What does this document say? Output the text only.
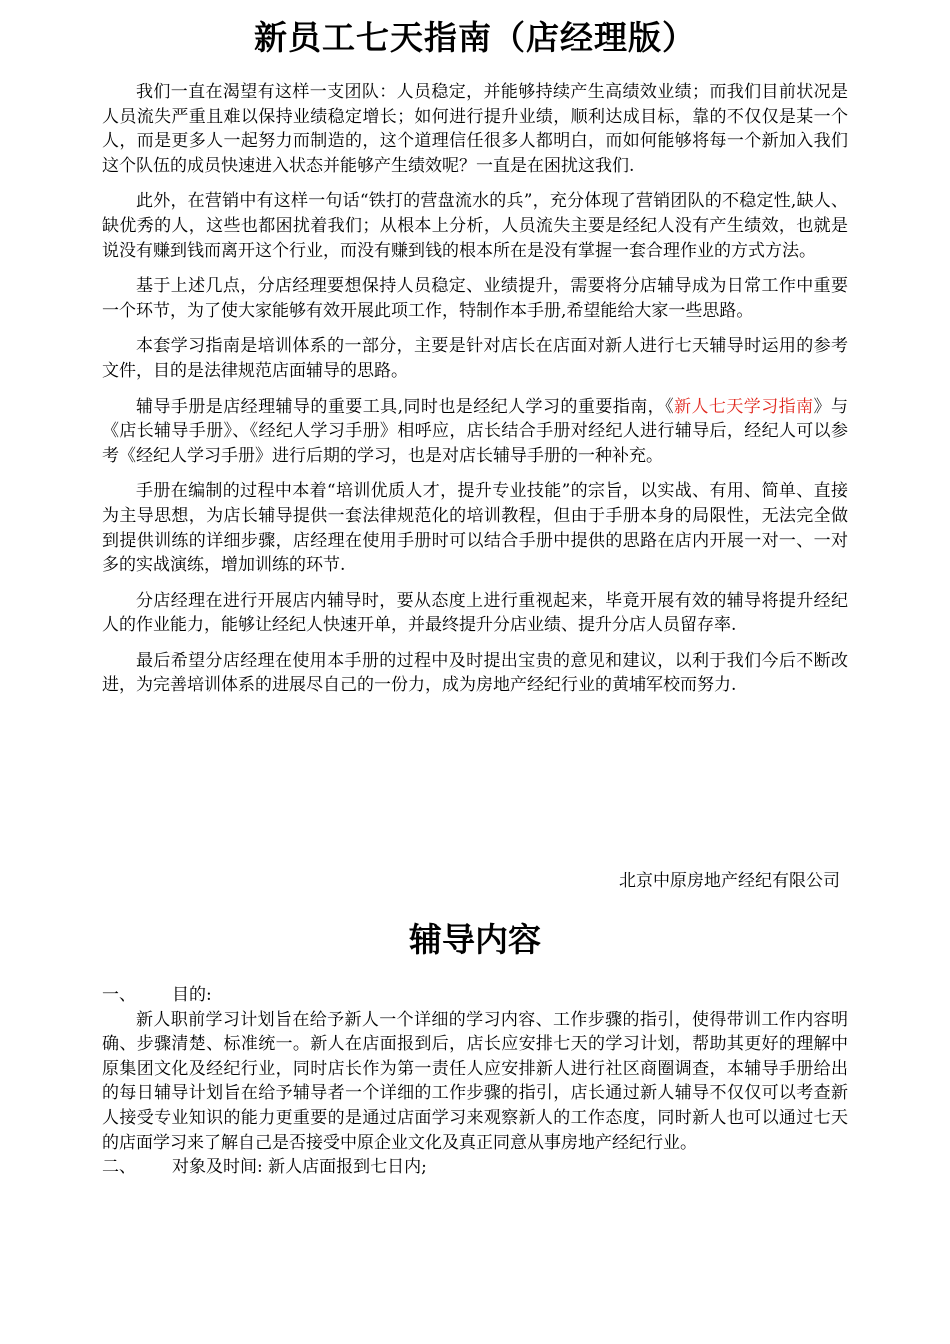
新员工七天指南（店经理版）

我们一直在渴望有这样一支团队：人员稳定，并能够持续产生高绩效业绩；而我们目前状况是人员流失严重且难以保持业绩稳定增长；如何进行提升业绩，顺利达成目标，靠的不仅仅是某一个人，而是更多人一起努力而制造的，这个道理信任很多人都明白，而如何能够将每一个新加入我们这个队伍的成员快速进入状态并能够产生绩效呢？一直是在困扰这我们.

此外，在营销中有这样一句话“铁打的营盘流水的兵”，充分体现了营销团队的不稳定性,缺人、缺优秀的人，这些也都困扰着我们；从根本上分析，人员流失主要是经纪人没有产生绩效，也就是说没有赚到钱而离开这个行业，而没有赚到钱的根本所在是没有掌握一套合理作业的方式方法。

基于上述几点，分店经理要想保持人员稳定、业绩提升，需要将分店辅导成为日常工作中重要一个环节，为了使大家能够有效开展此项工作，特制作本手册,希望能给大家一些思路。

本套学习指南是培训体系的一部分，主要是针对店长在店面对新人进行七天辅导时运用的参考文件，目的是法律规范店面辅导的思路。

辅导手册是店经理辅导的重要工具,同时也是经纪人学习的重要指南，《新人七天学习指南》与《店长辅导手册》、《经纪人学习手册》相呼应，店长结合手册对经纪人进行辅导后，经纪人可以参考《经纪人学习手册》进行后期的学习，也是对店长辅导手册的一种补充。

手册在编制的过程中本着“培训优质人才，提升专业技能”的宗旨，以实战、有用、简单、直接为主导思想，为店长辅导提供一套法律规范化的培训教程，但由于手册本身的局限性，无法完全做到提供训练的详细步骤，店经理在使用手册时可以结合手册中提供的思路在店内开展一对一、一对多的实战演练，增加训练的环节.

分店经理在进行开展店内辅导时，要从态度上进行重视起来，毕竟开展有效的辅导将提升经纪人的作业能力，能够让经纪人快速开单，并最终提升分店业绩、提升分店人员留存率.

最后希望分店经理在使用本手册的过程中及时提出宝贵的意见和建议，以利于我们今后不断改进，为完善培训体系的进展尽自己的一份力，成为房地产经纪行业的黄埔军校而努力.

北京中原房地产经纪有限公司
辅导内容
一、 目的:

新人职前学习计划旨在给予新人一个详细的学习内容、工作步骤的指引，使得带训工作内容明确、步骤清楚、标准统一。新人在店面报到后，店长应安排七天的学习计划，帮助其更好的理解中原集团文化及经纪行业，同时店长作为第一责任人应安排新人进行社区商圈调查，本辅导手册给出的每日辅导计划旨在给予辅导者一个详细的工作步骤的指引，店长通过新人辅导不仅仅可以考查新人接受专业知识的能力更重要的是通过店面学习来观察新人的工作态度，同时新人也可以通过七天的店面学习来了解自己是否接受中原企业文化及真正同意从事房地产经纪行业。

二、 对象及时间: 新人店面报到七日内;
